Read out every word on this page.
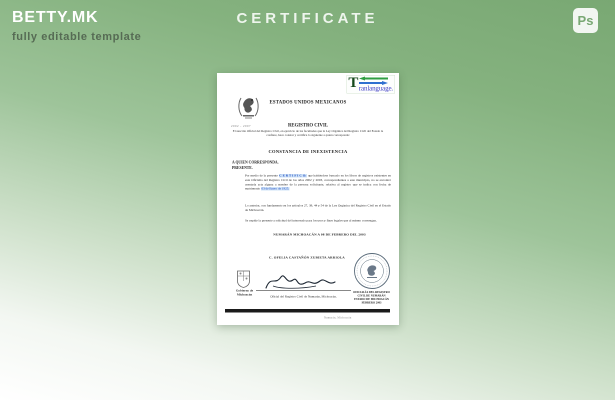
BETTY.MK
fully editable template
CERTIFICATE	Ps
T ranlanguage.
2002 - 2007
ESTADOS UNIDOS MEXICANOS
REGISTRO CIVIL
El suscrito Oficial del Registro Civil, en ejercicio de las facultades que la Ley Orgánica del Registro Civil del Estado le confiere, hace constar y certifica lo siguiente a quien corresponda:
CONSTANCIA DE INEXISTENCIA
A QUIEN CORRESPONDA.
PRESENTE.
Por medio de la presente C E R T I F I C O: que habiéndose buscado en los libros de registros existentes en esta Oficialía del Registro Civil de los años 2002 y 2003, correspondientes a este municipio, no se encontró asentada acta alguna a nombre de la persona solicitante, relativa al registro que se indica con fecha de matrimonio 03 de Enero de 1925.
Lo anterior, con fundamento en los artículos 27, 39, 44 y 54 de la Ley Orgánica del Registro Civil en el Estado de Michoacán.
Se expide la presente a solicitud del interesado para los usos y fines legales que al mismo convengan.
NUMARÁN MICHOACÁN A 08 DE FEBRERO DEL 2003
C. OFELIA CASTAÑÓN ZUBIETA ARRIOLA
Oficial del Registro Civil de Numarán, Michoacán.
Gobierno de
Michoacán
OFICIALÍA DEL REGISTRO
CIVIL DE NUMARÁN
ESTADO DE MICHOACÁN
FEBRERO 2003
Numarán, Michoacán
